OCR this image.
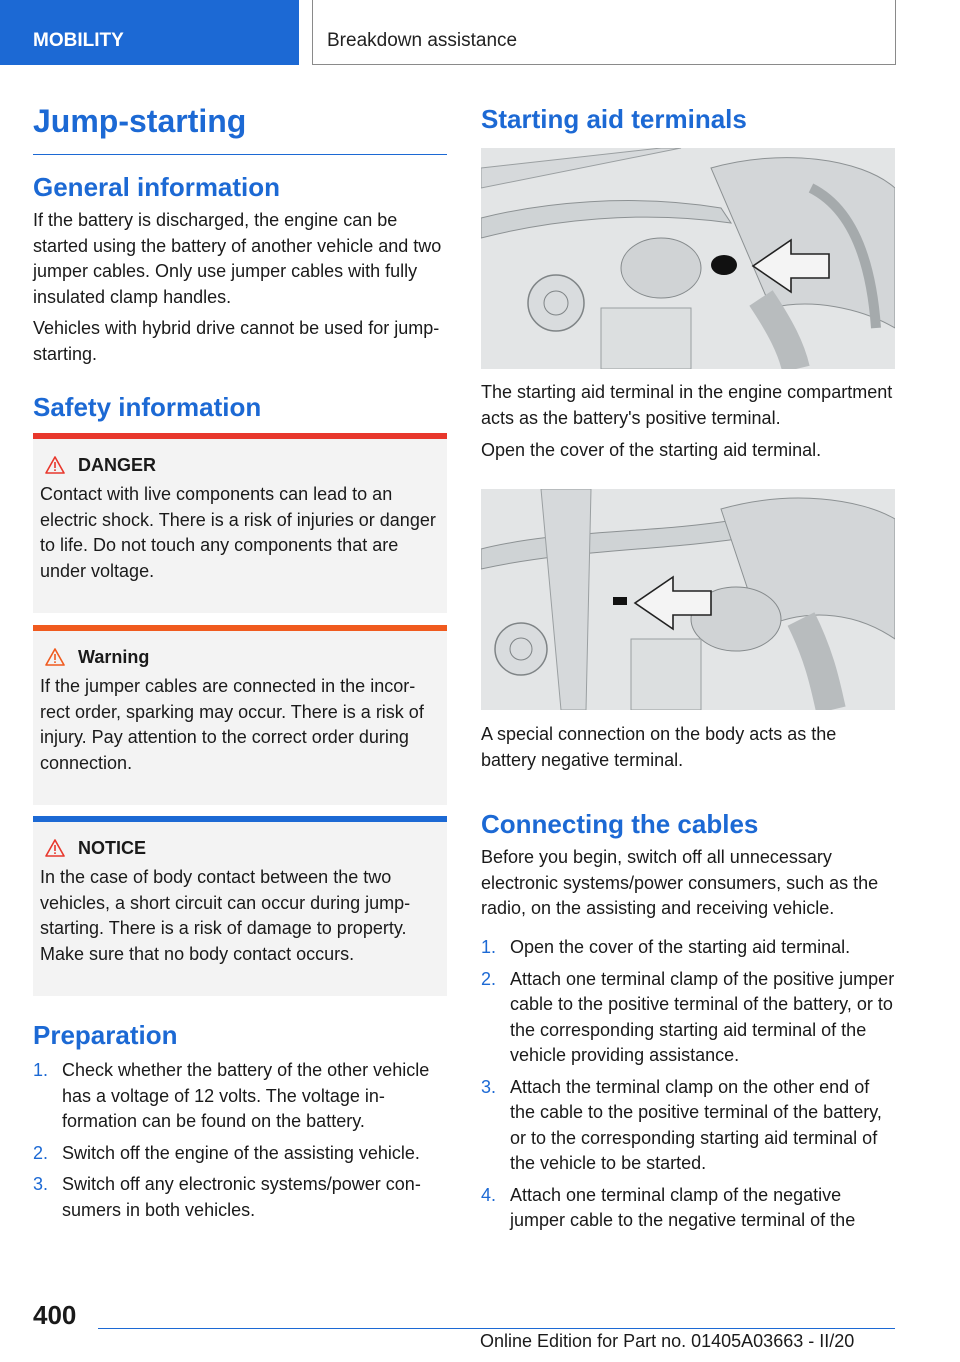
MOBILITY	Breakdown assistance
Jump-starting
General information
If the battery is discharged, the engine can be started using the battery of another vehicle and two jumper cables. Only use jumper cables with fully insulated clamp handles.
Vehicles with hybrid drive cannot be used for jump-starting.
Safety information
DANGER
Contact with live components can lead to an electric shock. There is a risk of injuries or danger to life. Do not touch any components that are under voltage.
Warning
If the jumper cables are connected in the incorrect order, sparking may occur. There is a risk of injury. Pay attention to the correct order during connection.
NOTICE
In the case of body contact between the two vehicles, a short circuit can occur during jump-starting. There is a risk of damage to property. Make sure that no body contact occurs.
Preparation
1. Check whether the battery of the other vehicle has a voltage of 12 volts. The voltage information can be found on the battery.
2. Switch off the engine of the assisting vehicle.
3. Switch off any electronic systems/power consumers in both vehicles.
Starting aid terminals
The starting aid terminal in the engine compartment acts as the battery's positive terminal.
Open the cover of the starting aid terminal.
A special connection on the body acts as the battery negative terminal.
Connecting the cables
Before you begin, switch off all unnecessary electronic systems/power consumers, such as the radio, on the assisting and receiving vehicle.
1. Open the cover of the starting aid terminal.
2. Attach one terminal clamp of the positive jumper cable to the positive terminal of the battery, or to the corresponding starting aid terminal of the vehicle providing assistance.
3. Attach the terminal clamp on the other end of the cable to the positive terminal of the battery, or to the corresponding starting aid terminal of the vehicle to be started.
4. Attach one terminal clamp of the negative jumper cable to the negative terminal of the
400
Online Edition for Part no. 01405A03663 - II/20
